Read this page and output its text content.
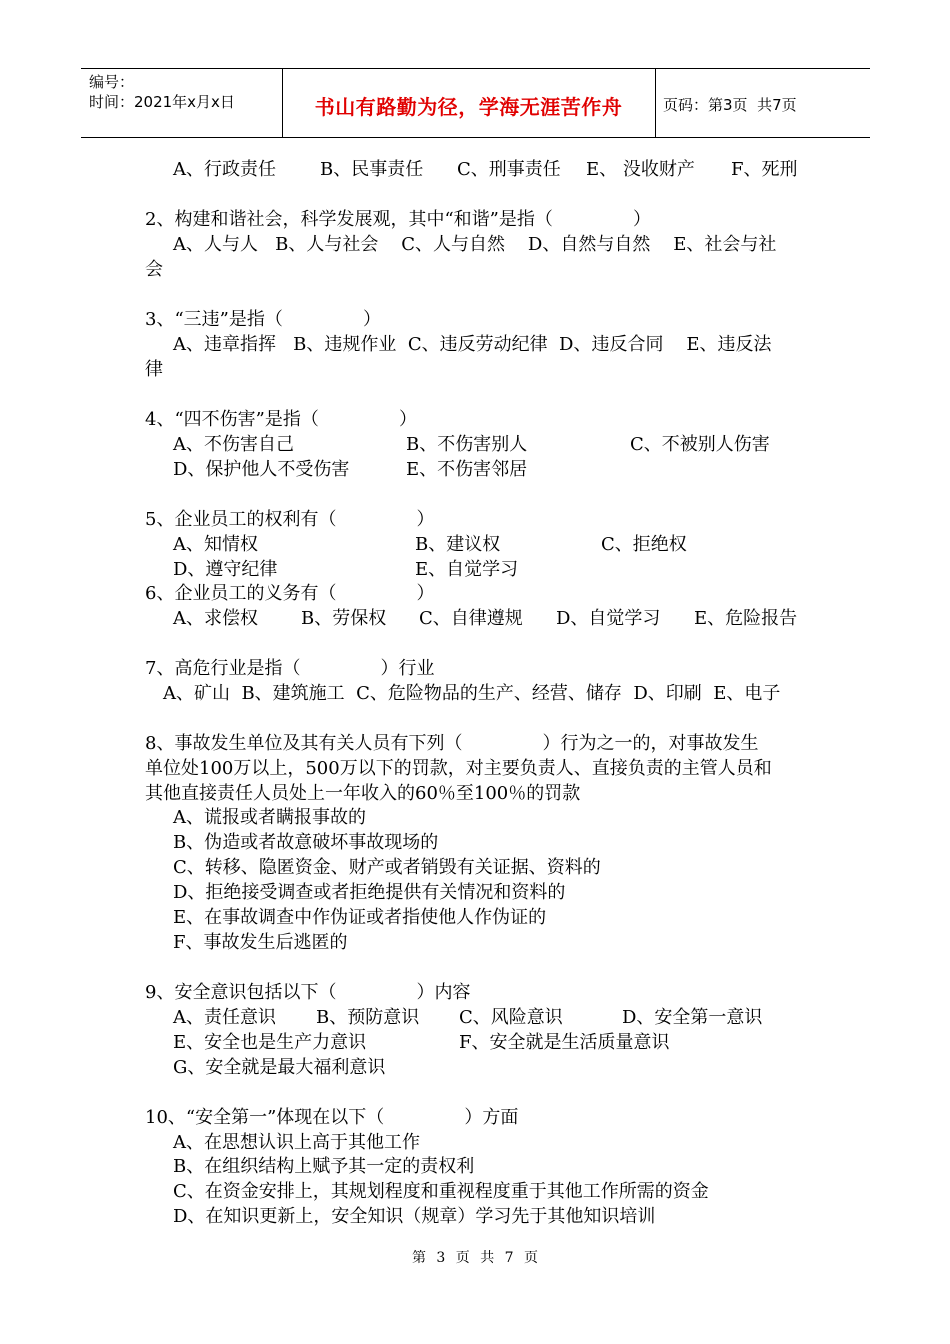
编号：
时间：2021年x月x日	书山有路勤为径，学海无涯苦作舟	页码：第3页  共7页
A、行政责任 B、民事责任 C、刑事责任 E、 没收财产 F、死刑
2、构建和谐社会，科学发展观，其中“和谐”是指（              ）
A、人与人   B、人与社会    C、人与自然    D、自然与自然    E、社会与社
会
3、“三违”是指（              ）
A、违章指挥   B、违规作业  C、违反劳动纪律  D、违反合同    E、违反法
律
4、“四不伤害”是指（              ）
A、不伤害自己	B、不伤害别人	C、不被别人伤害
D、保护他人不受伤害	E、不伤害邻居
5、企业员工的权利有（              ）
A、知情权	B、建议权	C、拒绝权
D、遵守纪律	E、自觉学习
6、企业员工的义务有（              ）
A、求偿权 B、劳保权 C、自律遵规 D、自觉学习 E、危险报告
7、高危行业是指（              ）行业
A、矿山  B、建筑施工  C、危险物品的生产、经营、储存  D、印刷  E、电子
8、事故发生单位及其有关人员有下列（              ）行为之一的，对事故发生
单位处100万以上，500万以下的罚款，对主要负责人、直接负责的主管人员和
其他直接责任人员处上一年收入的60％至100％的罚款
A、谎报或者瞒报事故的
B、伪造或者故意破坏事故现场的
C、转移、隐匿资金、财产或者销毁有关证据、资料的
D、拒绝接受调查或者拒绝提供有关情况和资料的
E、在事故调查中作伪证或者指使他人作伪证的
F、事故发生后逃匿的
9、安全意识包括以下（              ）内容
A、责任意识 B、预防意识 C、风险意识	D、安全第一意识
E、安全也是生产力意识	F、安全就是生活质量意识
G、安全就是最大福利意识
10、“安全第一”体现在以下（              ）方面
A、在思想认识上高于其他工作
B、在组织结构上赋予其一定的责权利
C、在资金安排上，其规划程度和重视程度重于其他工作所需的资金
D、在知识更新上，安全知识（规章）学习先于其他知识培训
第 3 页 共 7 页
